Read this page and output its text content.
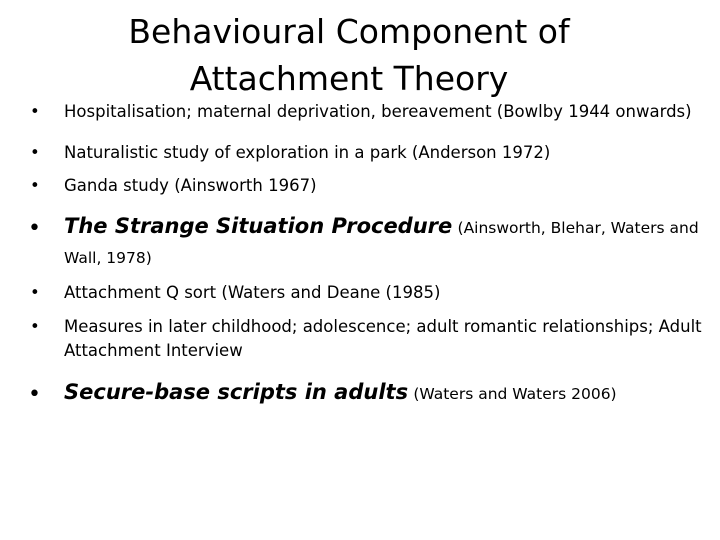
Behavioural Component of
Attachment Theory
• Hospitalisation; maternal deprivation, bereavement (Bowlby 1944 onwards)
• Naturalistic study of exploration in a park (Anderson 1972)
• Ganda study (Ainsworth 1967)
• The Strange Situation Procedure (Ainsworth, Blehar, Waters and Wall, 1978)
• Attachment Q sort (Waters and Deane (1985)
• Measures in later childhood; adolescence; adult romantic relationships; Adult Attachment Interview
• Secure-base scripts in adults (Waters and Waters 2006)
